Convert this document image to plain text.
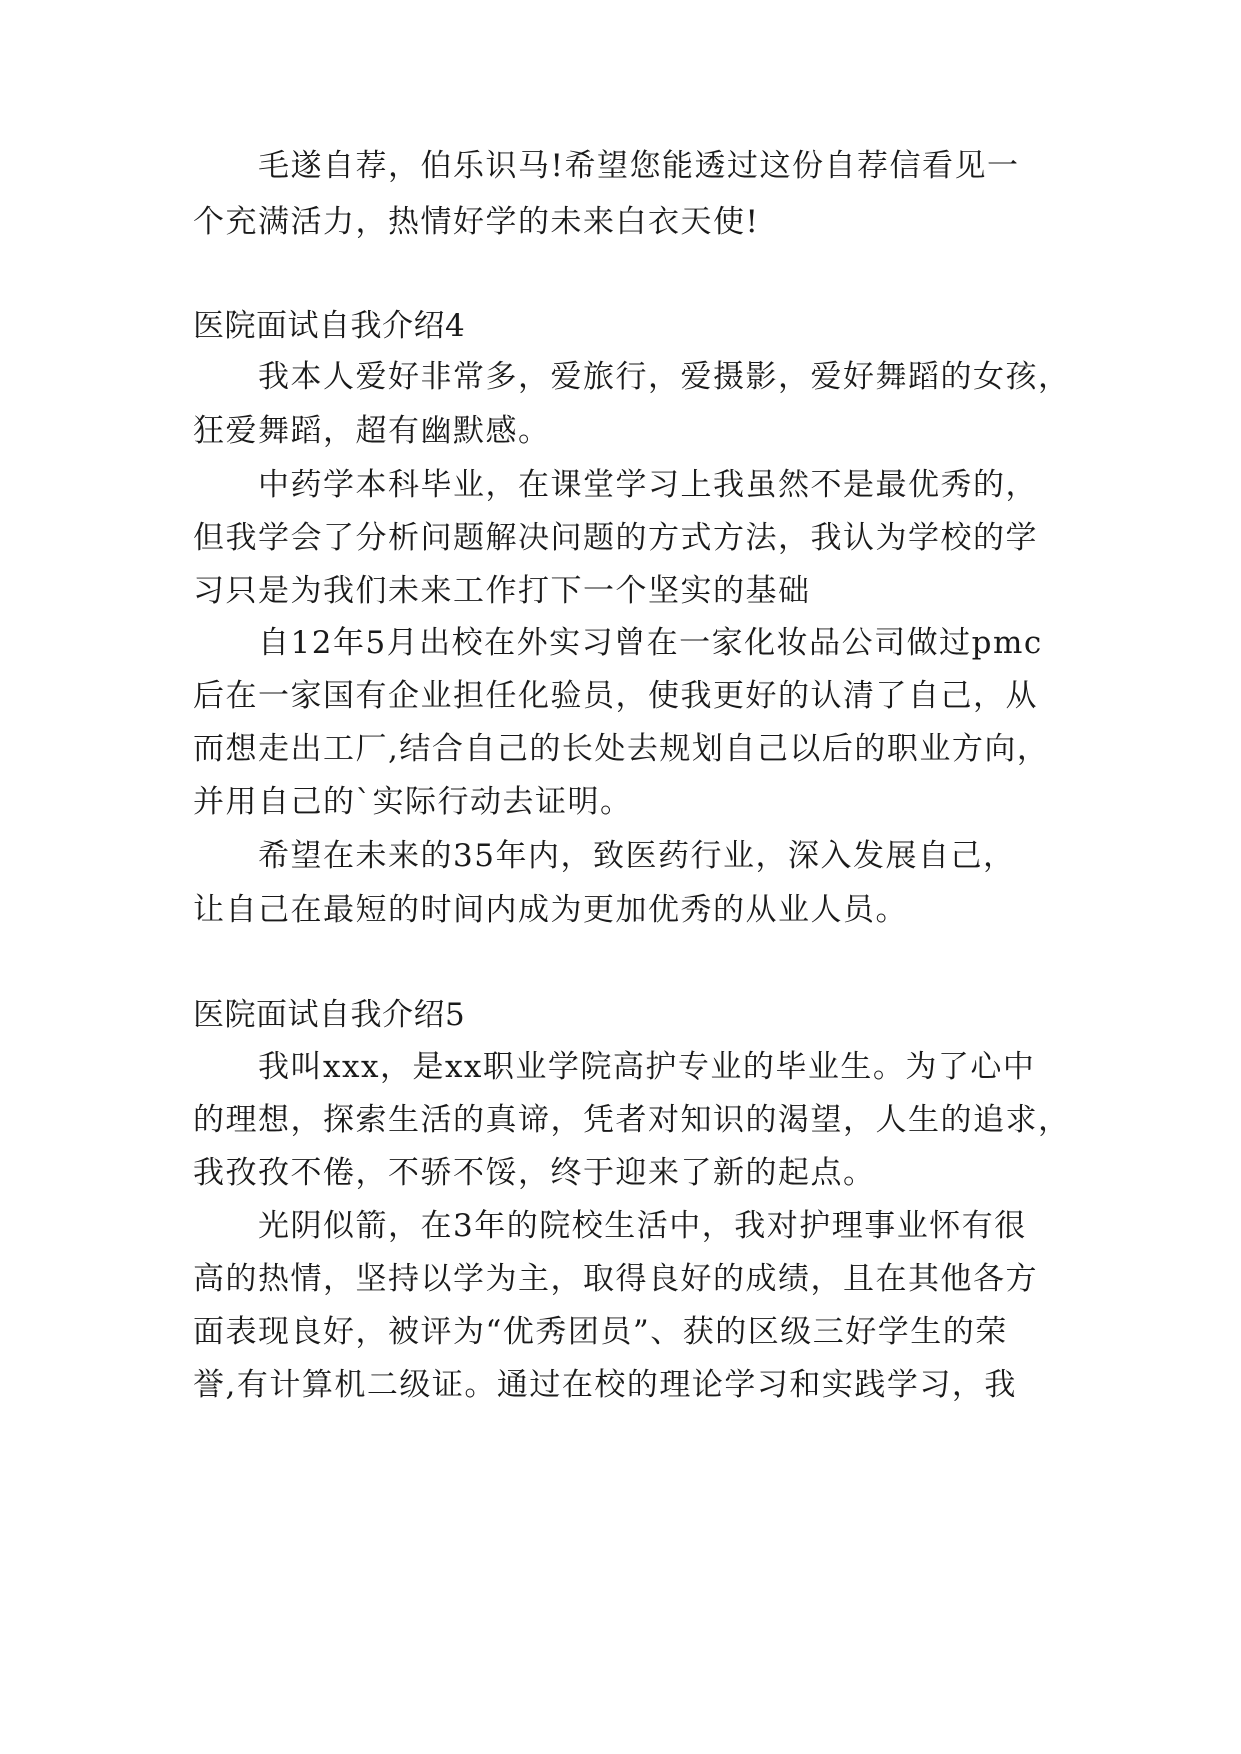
毛遂自荐，伯乐识马!希望您能透过这份自荐信看见一
个充满活力，热情好学的未来白衣天使!
医院面试自我介绍4
我本人爱好非常多，爱旅行，爱摄影，爱好舞蹈的女孩，
狂爱舞蹈，超有幽默感。
中药学本科毕业，在课堂学习上我虽然不是最优秀的，
但我学会了分析问题解决问题的方式方法，我认为学校的学
习只是为我们未来工作打下一个坚实的基础
自12年5月出校在外实习曾在一家化妆品公司做过pmc
后在一家国有企业担任化验员，使我更好的认清了自己，从
而想走出工厂,结合自己的长处去规划自己以后的职业方向，
并用自己的`实际行动去证明。
希望在未来的35年内，致医药行业，深入发展自己，
让自己在最短的时间内成为更加优秀的从业人员。
医院面试自我介绍5
我叫xxx，是xx职业学院高护专业的毕业生。为了心中
的理想，探索生活的真谛，凭者对知识的渴望，人生的追求，
我孜孜不倦，不骄不馁，终于迎来了新的起点。
光阴似箭，在3年的院校生活中，我对护理事业怀有很
高的热情，坚持以学为主，取得良好的成绩，且在其他各方
面表现良好，被评为“优秀团员”、获的区级三好学生的荣
誉,有计算机二级证。通过在校的理论学习和实践学习，我
